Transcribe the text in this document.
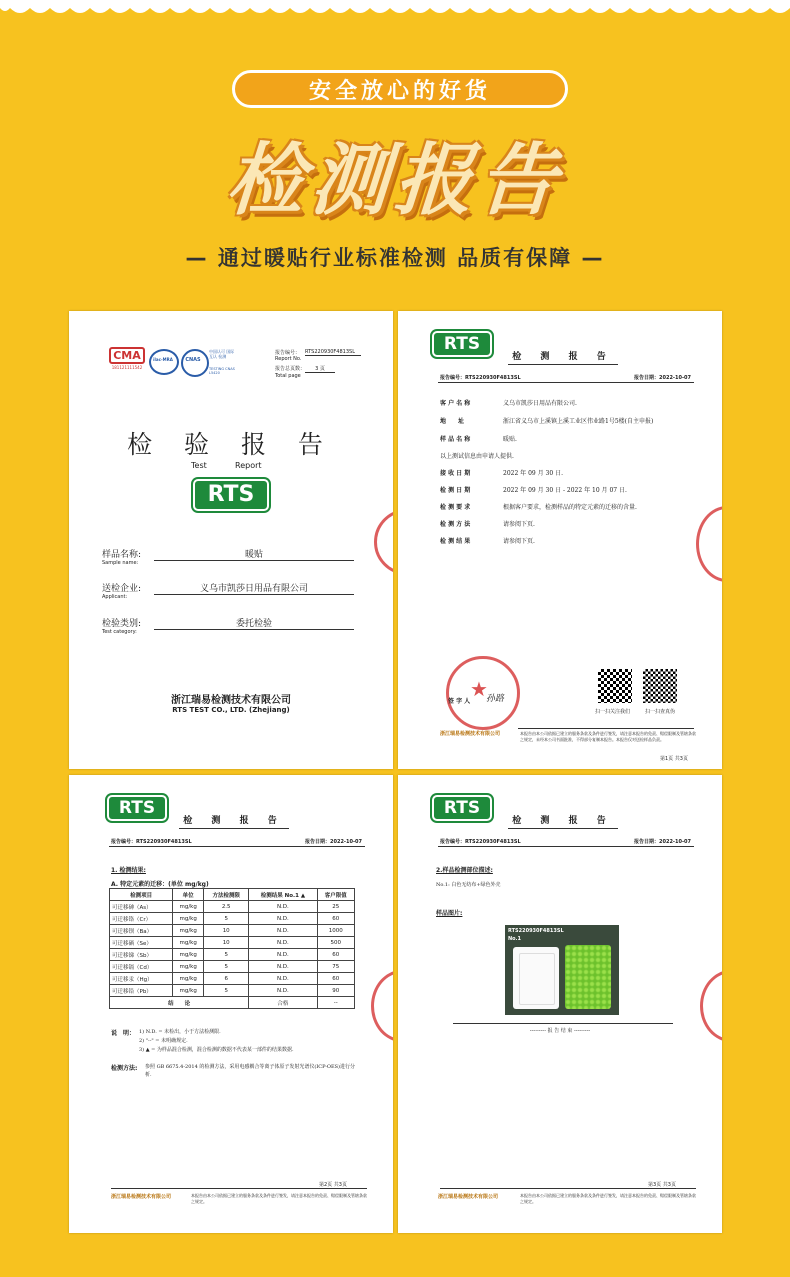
安全放心的好货
检测报告
— 通过暖贴行业标准检测 品质有保障 —
CMA
181121111542
ilac-MRA	CNAS
中国认可 国际互认 检测
TESTING CNAS L5420
报告编号： RTS220930F4813SL
Report No.
报告总页数：	3 页
Total page
检 验 报 告
Test	Report
RTS
样品名称:
Sample name:
暖贴
送检企业:
Applicant:
义乌市凯莎日用品有限公司
检验类别:
Test category:
委托检验
浙江瑞易检测技术有限公司
RTS TEST CO., LTD. (Zhejiang)
RTS
检 测 报 告
报告编号：RTS220930F4813SL	报告日期：2022-10-07
客 户 名 称	义乌市凯莎日用品有限公司.
地　　址	浙江省义乌市上溪镇上溪工业区伟业路1号5楼(自主申报)
样 品 名 称	暖贴.
以上测试信息由申请人提供.
接 收 日 期	2022 年 09 月 30 日.
检 测 日 期	2022 年 09 月 30 日 - 2022 年 10 月 07 日.
检 测 要 求	根据客户要求，检测样品的特定元素的迁移的含量.
检 测 方 法	请参阅下页.
检 测 结 果	请参阅下页.
★
签 字 人 孙路
扫一扫关注我们	扫一扫查真伪
浙江瑞易检测技术有限公司	本报告由本公司依据已建立的服务条款及条件进行签发，请注意本报告的免责、赔偿限制及管辖条款之规定，未经本公司书面批准，不得部分复制本报告。本报告仅对送检样品负责。
第1页 共3页
RTS
检 测 报 告
报告编号：RTS220930F4813SL	报告日期：2022-10-07
1. 检测结果:
A. 特定元素的迁移：(单位 mg/kg)
检测项目	单位	方法检测限	检测结果 No.1 ▲	客户限值
可迁移砷（As）	mg/kg	2.5	N.D.	25
可迁移铬（Cr）	mg/kg	5	N.D.	60
可迁移钡（Ba）	mg/kg	10	N.D.	1000
可迁移硒（Se）	mg/kg	10	N.D.	500
可迁移锑（Sb）	mg/kg	5	N.D.	60
可迁移镉（Cd）	mg/kg	5	N.D.	75
可迁移汞（Hg）	mg/kg	6	N.D.	60
可迁移铅（Pb）	mg/kg	5	N.D.	90
结　　论			合格	--
说　明： 1) N.D. = 未检出，小于方法检测限.
2) "--" = 未明确规定.
3) ▲ = 为样品混合检测，混合检测的数据不代表某一部件的结果数据.
检测方法: 参照 GB 6675.4-2014 的检测方法，采用电感耦合等离子体原子发射光谱仪(ICP-OES)进行分析.
第2页 共3页
浙江瑞易检测技术有限公司	本报告由本公司依据已建立的服务条款及条件进行签发，请注意本报告的免责、赔偿限制及管辖条款之规定。
RTS
检 测 报 告
报告编号：RTS220930F4813SL	报告日期：2022-10-07
2.样品检测部位描述:
No.1: 白色无纺布+绿色外壳
样品图片:
RTS220930F4813SL
No.1
--------- 报 告 结 束 ---------
第3页 共3页
浙江瑞易检测技术有限公司	本报告由本公司依据已建立的服务条款及条件进行签发，请注意本报告的免责、赔偿限制及管辖条款之规定。
